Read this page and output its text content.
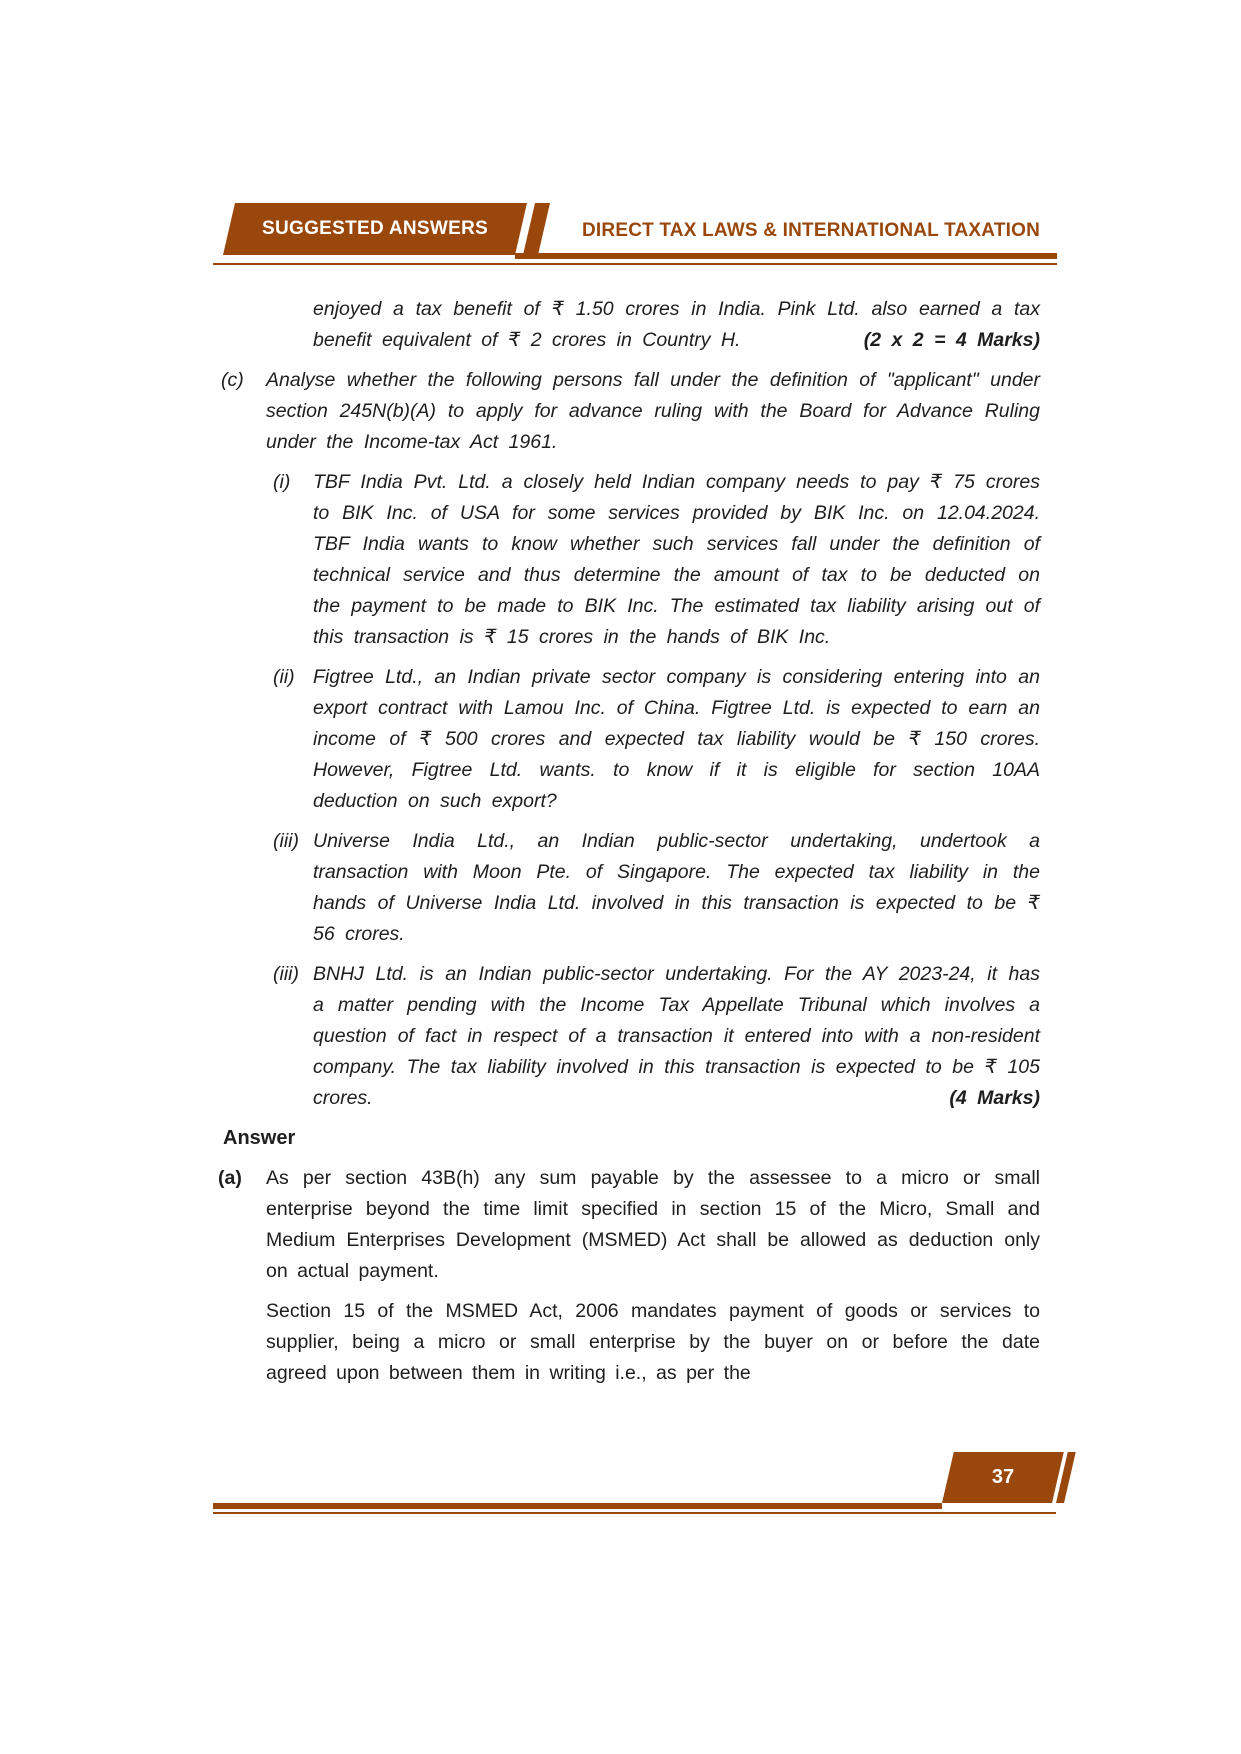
SUGGESTED ANSWERS	DIRECT TAX LAWS & INTERNATIONAL TAXATION

enjoyed a tax benefit of ₹ 1.50 crores in India. Pink Ltd. also earned a tax benefit equivalent of ₹ 2 crores in Country H.	(2 x 2 = 4 Marks)

(c) Analyse whether the following persons fall under the definition of "applicant" under section 245N(b)(A) to apply for advance ruling with the Board for Advance Ruling under the Income-tax Act 1961.

(i) TBF India Pvt. Ltd. a closely held Indian company needs to pay ₹ 75 crores to BIK Inc. of USA for some services provided by BIK Inc. on 12.04.2024. TBF India wants to know whether such services fall under the definition of technical service and thus determine the amount of tax to be deducted on the payment to be made to BIK Inc. The estimated tax liability arising out of this transaction is ₹ 15 crores in the hands of BIK Inc.

(ii) Figtree Ltd., an Indian private sector company is considering entering into an export contract with Lamou Inc. of China. Figtree Ltd. is expected to earn an income of ₹ 500 crores and expected tax liability would be ₹ 150 crores. However, Figtree Ltd. wants. to know if it is eligible for section 10AA deduction on such export?

(iii) Universe India Ltd., an Indian public-sector undertaking, undertook a transaction with Moon Pte. of Singapore. The expected tax liability in the hands of Universe India Ltd. involved in this transaction is expected to be ₹ 56 crores.

(iii) BNHJ Ltd. is an Indian public-sector undertaking. For the AY 2023-24, it has a matter pending with the Income Tax Appellate Tribunal which involves a question of fact in respect of a transaction it entered into with a non-resident company. The tax liability involved in this transaction is expected to be ₹ 105 crores.	(4 Marks)

Answer
(a) As per section 43B(h) any sum payable by the assessee to a micro or small enterprise beyond the time limit specified in section 15 of the Micro, Small and Medium Enterprises Development (MSMED) Act shall be allowed as deduction only on actual payment.

Section 15 of the MSMED Act, 2006 mandates payment of goods or services to supplier, being a micro or small enterprise by the buyer on or before the date agreed upon between them in writing i.e., as per the

37
